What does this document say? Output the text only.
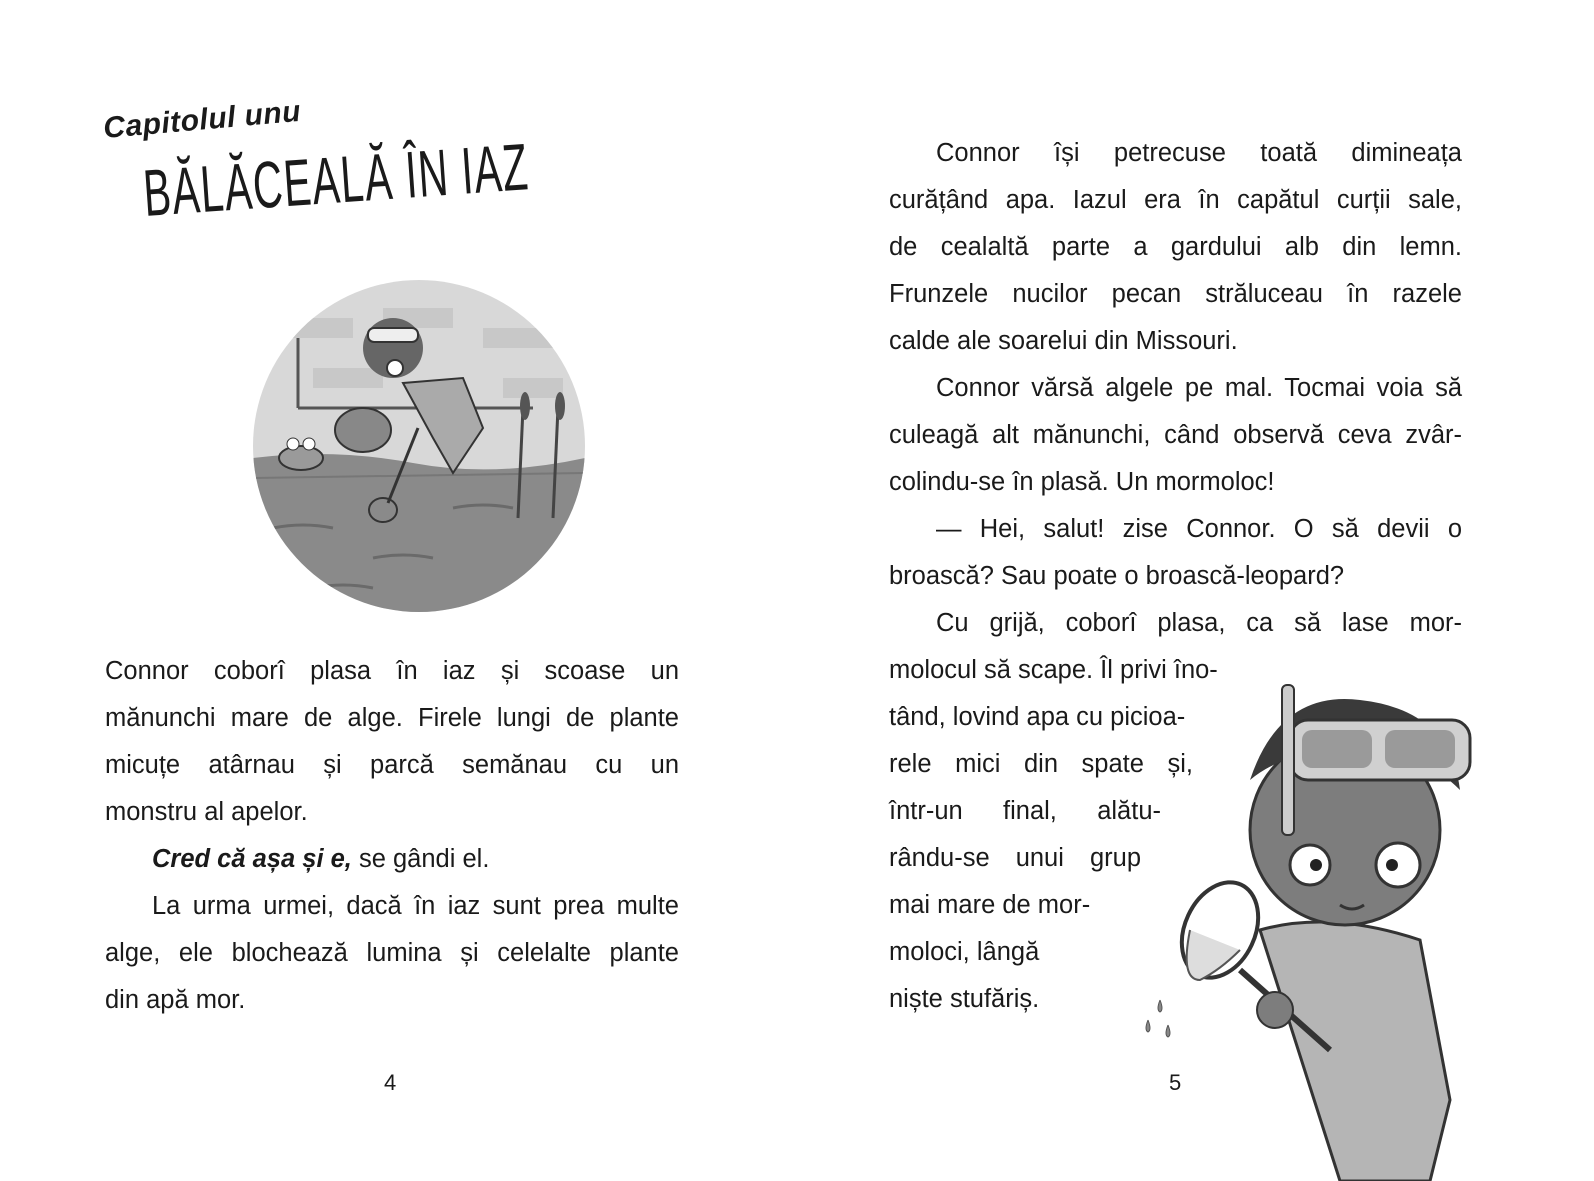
Capitolul unu
BĂLĂCEALĂ ÎN IAZ
Connor coborî plasa în iaz și scoase un
mănunchi mare de alge. Firele lungi de plante
micuțe atârnau și parcă semănau cu un
monstru al apelor.
Cred că așa și e, se gândi el.
La urma urmei, dacă în iaz sunt prea multe
alge, ele blochează lumina și celelalte plante
din apă mor.
4
Connor își petrecuse toată dimineața
curățând apa. Iazul era în capătul curții sale,
de cealaltă parte a gardului alb din lemn.
Frunzele nucilor pecan străluceau în razele
calde ale soarelui din Missouri.
Connor vărsă algele pe mal. Tocmai voia să
culeagă alt mănunchi, când observă ceva zvâr-
colindu-se în plasă. Un mormoloc!
— Hei, salut! zise Connor. O să devii o
broască? Sau poate o broască-leopard?
Cu grijă, coborî plasa, ca să lase mor-
molocul să scape. Îl privi îno-
tând, lovind apa cu picioa-
rele mici din spate și,
într-un final, alătu-
rându-se unui grup
mai mare de mor-
moloci, lângă
niște stufăriș.
5
